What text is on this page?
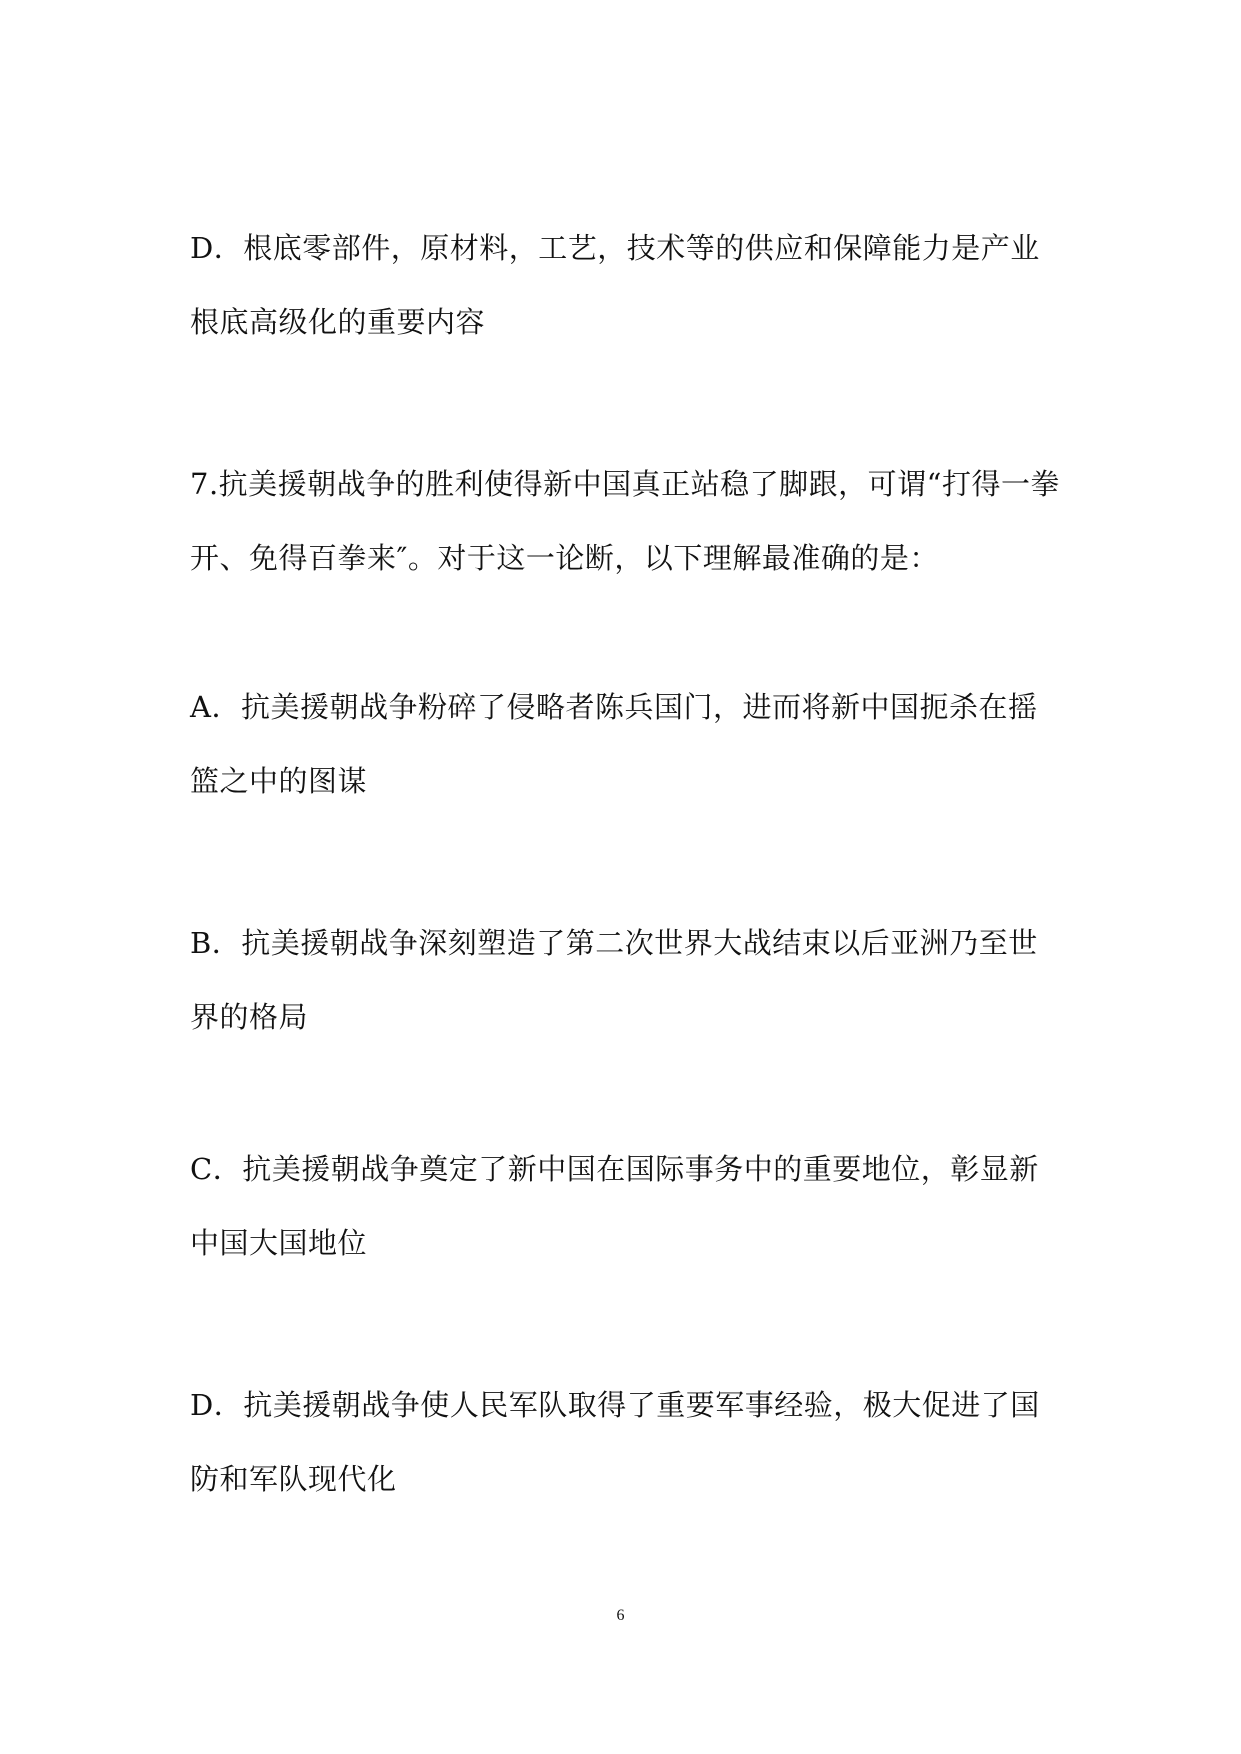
D．根底零部件，原材料，工艺，技术等的供应和保障能力是产业
根底高级化的重要内容
7.抗美援朝战争的胜利使得新中国真正站稳了脚跟，可谓“打得一拳
开、免得百拳来″。对于这一论断，以下理解最准确的是：
A．抗美援朝战争粉碎了侵略者陈兵国门，进而将新中国扼杀在摇
篮之中的图谋
B．抗美援朝战争深刻塑造了第二次世界大战结束以后亚洲乃至世
界的格局
C．抗美援朝战争奠定了新中国在国际事务中的重要地位，彰显新
中国大国地位
D．抗美援朝战争使人民军队取得了重要军事经验，极大促进了国
防和军队现代化
6
